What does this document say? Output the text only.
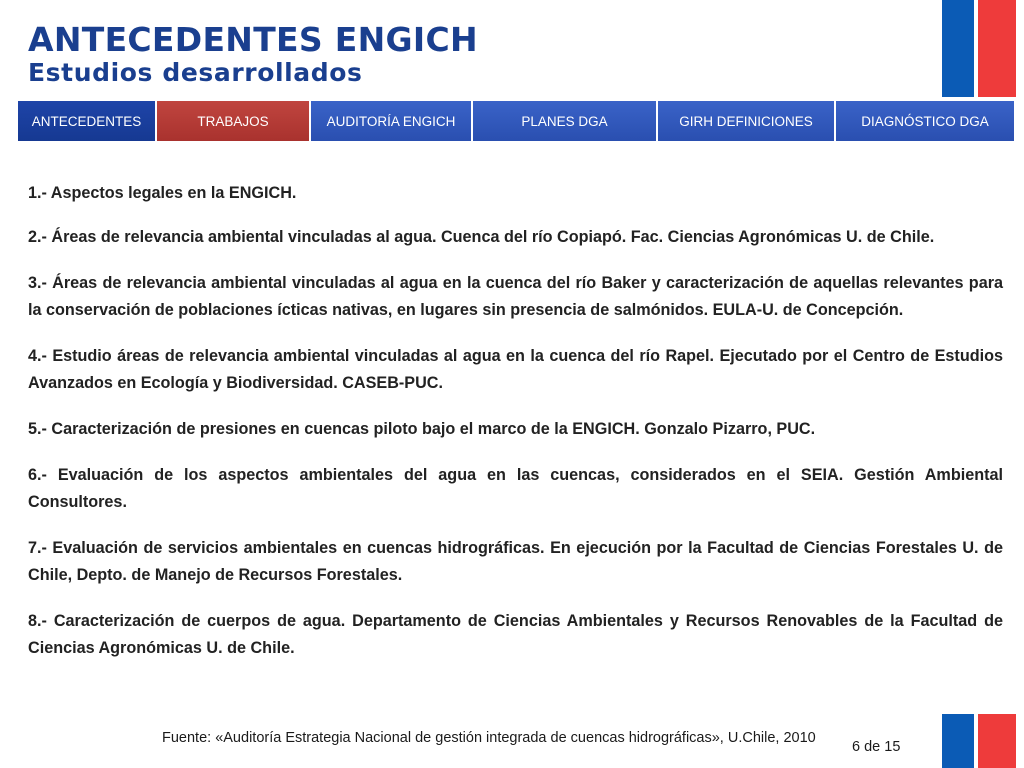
ANTECEDENTES ENGICH
Estudios desarrollados
ANTECEDENTES	TRABAJOS	AUDITORÍA ENGICH	PLANES DGA	GIRH DEFINICIONES	DIAGNÓSTICO DGA

1.- Aspectos legales en la ENGICH.

2.- Áreas de relevancia ambiental vinculadas al agua. Cuenca del río Copiapó. Fac. Ciencias Agronómicas U. de Chile.

3.- Áreas de relevancia ambiental vinculadas al agua en la cuenca del río Baker y caracterización de aquellas relevantes para la conservación de poblaciones ícticas nativas, en lugares sin presencia de salmónidos. EULA-U. de Concepción.

4.- Estudio áreas de relevancia ambiental vinculadas al agua en la cuenca del río Rapel. Ejecutado por el Centro de Estudios Avanzados en Ecología y Biodiversidad. CASEB-PUC.

5.- Caracterización de presiones en cuencas piloto bajo el marco de la ENGICH. Gonzalo Pizarro, PUC.

6.- Evaluación de los aspectos ambientales del agua en las cuencas, considerados en el SEIA. Gestión Ambiental Consultores.

7.- Evaluación de servicios ambientales en cuencas hidrográficas. En ejecución por la Facultad de Ciencias Forestales U. de Chile, Depto. de Manejo de Recursos Forestales.

8.- Caracterización de cuerpos de agua. Departamento de Ciencias Ambientales y Recursos Renovables de la Facultad de Ciencias Agronómicas U. de Chile.

Fuente: «Auditoría Estrategia Nacional de gestión integrada de cuencas hidrográficas», U.Chile, 2010
6 de 15
